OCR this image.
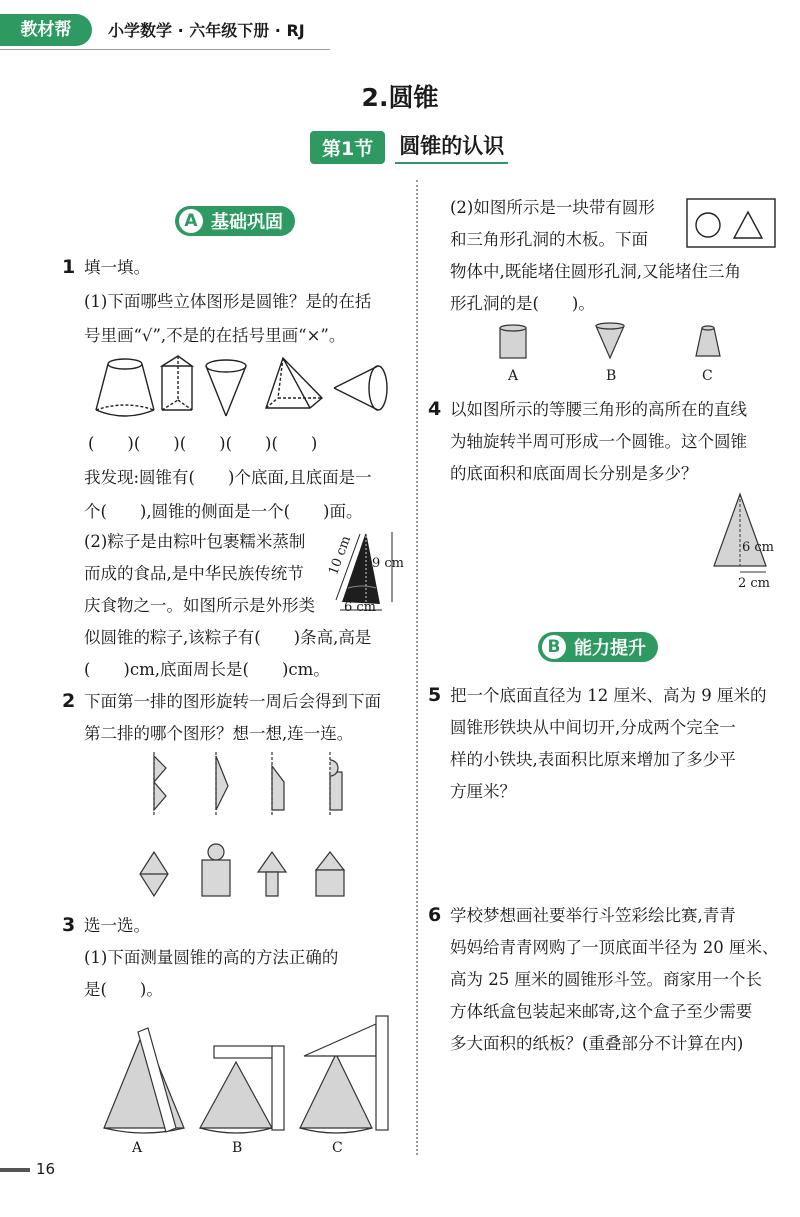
教材帮	小学数学 · 六年级下册 · RJ
2.圆锥
第1节	圆锥的认识
A 基础巩固
1 填一填。
(1)下面哪些立体图形是圆锥？是的在括
号里画“√”,不是的在括号里画“×”。
(　　)(　　)(　　)(　　)(　　)
我发现:圆锥有(　　)个底面,且底面是一
个(　　),圆锥的侧面是一个(　　)面。
(2)粽子是由粽叶包裹糯米蒸制
而成的食品,是中华民族传统节
庆食物之一。如图所示是外形类
10 cm 9 cm
6 cm
似圆锥的粽子,该粽子有(　　)条高,高是
(　　)cm,底面周长是(　　)cm。
2 下面第一排的图形旋转一周后会得到下面
第二排的哪个图形？想一想,连一连。
3 选一选。
(1)下面测量圆锥的高的方法正确的
是(　　)。
A	B	C
(2)如图所示是一块带有圆形
和三角形孔洞的木板。下面
物体中,既能堵住圆形孔洞,又能堵住三角
形孔洞的是(　　)。
A	B	C
4 以如图所示的等腰三角形的高所在的直线
为轴旋转半周可形成一个圆锥。这个圆锥
的底面积和底面周长分别是多少？
6 cm
2 cm
B 能力提升
5 把一个底面直径为 12 厘米、高为 9 厘米的
圆锥形铁块从中间切开,分成两个完全一
样的小铁块,表面积比原来增加了多少平
方厘米？
6 学校梦想画社要举行斗笠彩绘比赛,青青
妈妈给青青网购了一顶底面半径为 20 厘米、
高为 25 厘米的圆锥形斗笠。商家用一个长
方体纸盒包装起来邮寄,这个盒子至少需要
多大面积的纸板？(重叠部分不计算在内)
16
